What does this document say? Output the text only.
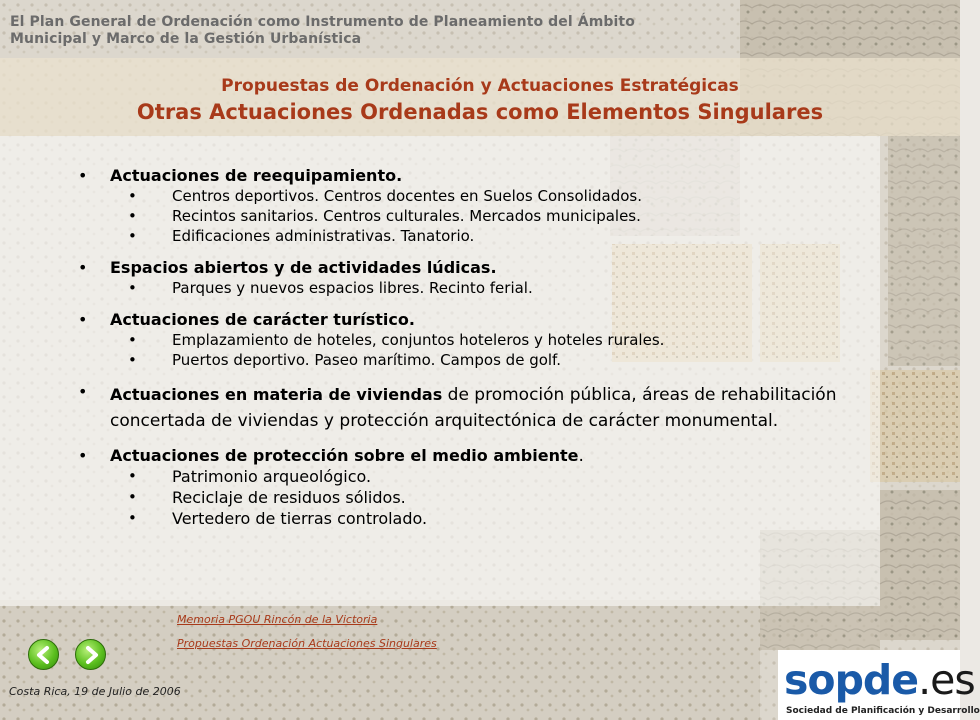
El Plan General de Ordenación como Instrumento de Planeamiento del Ámbito
Municipal y Marco de la Gestión Urbanística
Propuestas de Ordenación y Actuaciones Estratégicas
Otras Actuaciones Ordenadas como Elementos Singulares
• Actuaciones de reequipamiento.
• Centros deportivos. Centros docentes en Suelos Consolidados.
• Recintos sanitarios. Centros culturales. Mercados municipales.
• Edificaciones administrativas. Tanatorio.
• Espacios abiertos y de actividades lúdicas.
• Parques y nuevos espacios libres. Recinto ferial.
• Actuaciones de carácter turístico.
• Emplazamiento de hoteles, conjuntos hoteleros y hoteles rurales.
• Puertos deportivo. Paseo marítimo. Campos de golf.
• Actuaciones en materia de viviendas de promoción pública, áreas de rehabilitación concertada de viviendas y protección arquitectónica de carácter monumental.
• Actuaciones de protección sobre el medio ambiente.
• Patrimonio arqueológico.
• Reciclaje de residuos sólidos.
• Vertedero de tierras controlado.
Memoria PGOU Rincón de la Victoria
Propuestas Ordenación Actuaciones Singulares
Costa Rica, 19 de Julio de 2006	sopde.es
Sociedad de Planificación y Desarrollo
